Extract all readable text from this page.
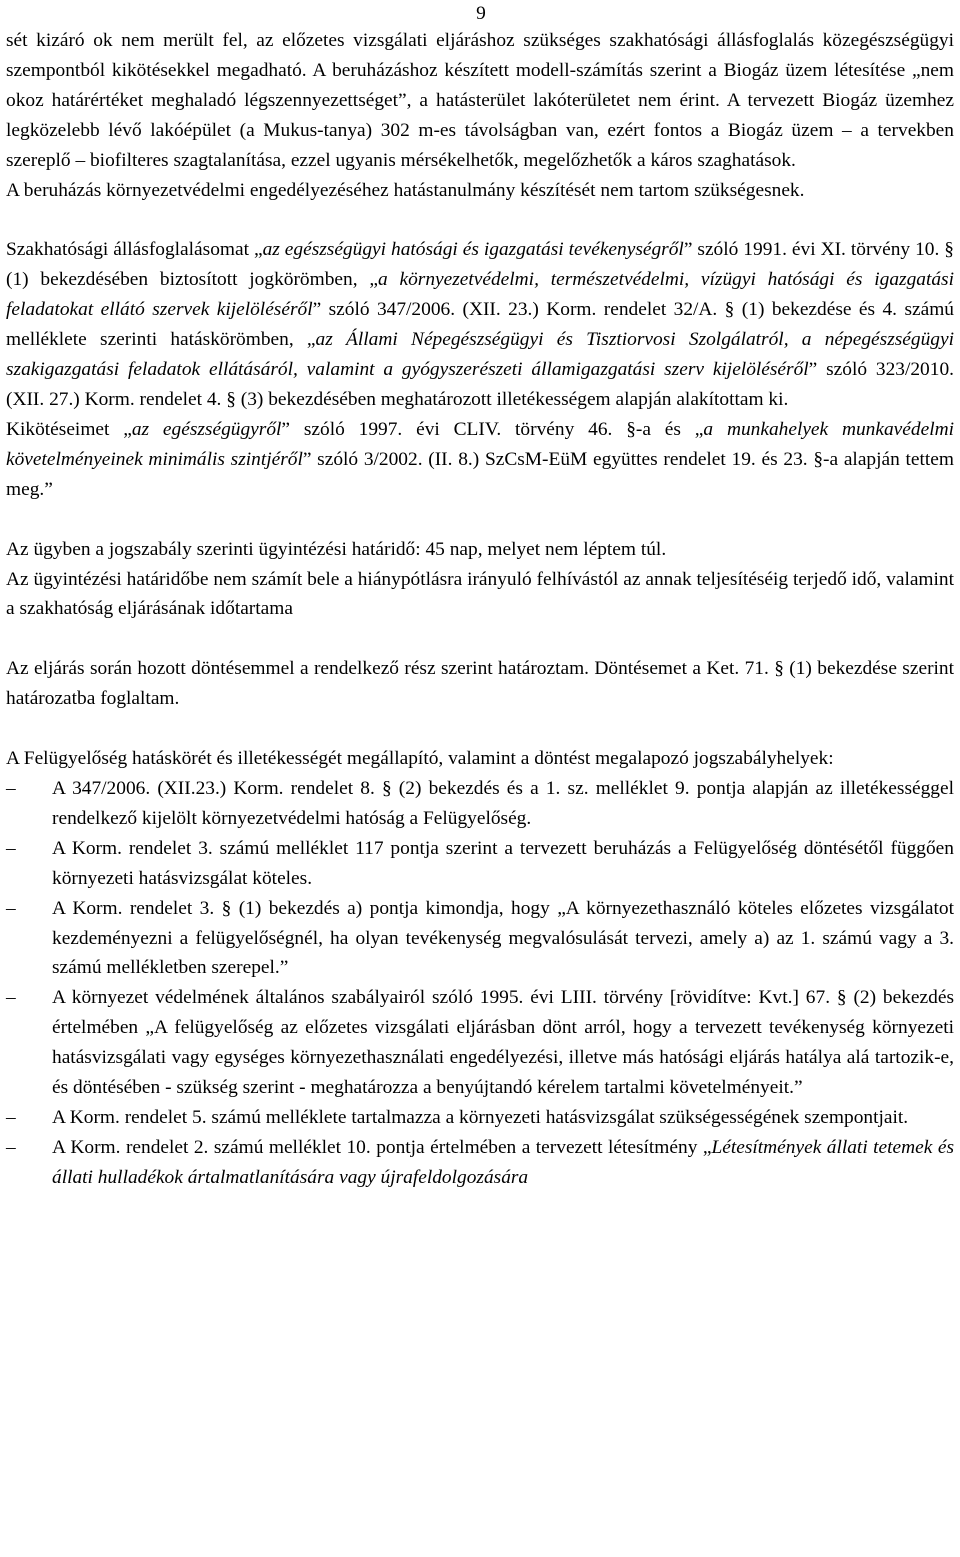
9

sét kizáró ok nem merült fel, az előzetes vizsgálati eljáráshoz szükséges szakhatósági állásfoglalás közegészségügyi szempontból kikötésekkel megadható. A beruházáshoz készített modell-számítás szerint a Biogáz üzem létesítése „nem okoz határértéket meghaladó légszennyezettséget”, a hatásterület lakóterületet nem érint. A tervezett Biogáz üzemhez legközelebb lévő lakóépület (a Mukus-tanya) 302 m-es távolságban van, ezért fontos a Biogáz üzem – a tervekben szereplő – biofilteres szagtalanítása, ezzel ugyanis mérsékelhetők, megelőzhetők a káros szaghatások.

A beruházás környezetvédelmi engedélyezéséhez hatástanulmány készítését nem tartom szükségesnek.

Szakhatósági állásfoglalásomat „az egészségügyi hatósági és igazgatási tevékenységről” szóló 1991. évi XI. törvény 10. § (1) bekezdésében biztosított jogkörömben, „a környezetvédelmi, természetvédelmi, vízügyi hatósági és igazgatási feladatokat ellátó szervek kijelöléséről” szóló 347/2006. (XII. 23.) Korm. rendelet 32/A. § (1) bekezdése és 4. számú melléklete szerinti hatáskörömben, „az Állami Népegészségügyi és Tisztiorvosi Szolgálatról, a népegészségügyi szakigazgatási feladatok ellátásáról, valamint a gyógyszerészeti államigazgatási szerv kijelöléséről” szóló 323/2010. (XII. 27.) Korm. rendelet 4. § (3) bekezdésében meghatározott illetékességem alapján alakítottam ki.

Kikötéseimet „az egészségügyről” szóló 1997. évi CLIV. törvény 46. §-a és „a munkahelyek munkavédelmi követelményeinek minimális szintjéről” szóló 3/2002. (II. 8.) SzCsM-EüM együttes rendelet 19. és 23. §-a alapján tettem meg.”

Az ügyben a jogszabály szerinti ügyintézési határidő: 45 nap, melyet nem léptem túl.

Az ügyintézési határidőbe nem számít bele a hiánypótlásra irányuló felhívástól az annak teljesítéséig terjedő idő, valamint a szakhatóság eljárásának időtartama

Az eljárás során hozott döntésemmel a rendelkező rész szerint határoztam. Döntésemet a Ket. 71. § (1) bekezdése szerint határozatba foglaltam.

A Felügyelőség hatáskörét és illetékességét megállapító, valamint a döntést megalapozó jogszabályhelyek:

–	A 347/2006. (XII.23.) Korm. rendelet 8. § (2) bekezdés és a 1. sz. melléklet 9. pontja alapján az illetékességgel rendelkező kijelölt környezetvédelmi hatóság a Felügyelőség.
–	A Korm. rendelet 3. számú melléklet 117 pontja szerint a tervezett beruházás a Felügyelőség döntésétől függően környezeti hatásvizsgálat köteles.
–	A Korm. rendelet 3. § (1) bekezdés a) pontja kimondja, hogy „A környezethasználó köteles előzetes vizsgálatot kezdeményezni a felügyelőségnél, ha olyan tevékenység megvalósulását tervezi, amely a) az 1. számú vagy a 3. számú mellékletben szerepel.”
–	A környezet védelmének általános szabályairól szóló 1995. évi LIII. törvény [rövidítve: Kvt.] 67. § (2) bekezdés értelmében „A felügyelőség az előzetes vizsgálati eljárásban dönt arról, hogy a tervezett tevékenység környezeti hatásvizsgálati vagy egységes környezethasználati engedélyezési, illetve más hatósági eljárás hatálya alá tartozik-e, és döntésében - szükség szerint - meghatározza a benyújtandó kérelem tartalmi követelményeit.”
–	A Korm. rendelet 5. számú melléklete tartalmazza a környezeti hatásvizsgálat szükségességének szempontjait.
–	A Korm. rendelet 2. számú melléklet 10. pontja értelmében a tervezett létesítmény „Létesítmények állati tetemek és állati hulladékok ártalmatlanítására vagy újrafeldolgozására
